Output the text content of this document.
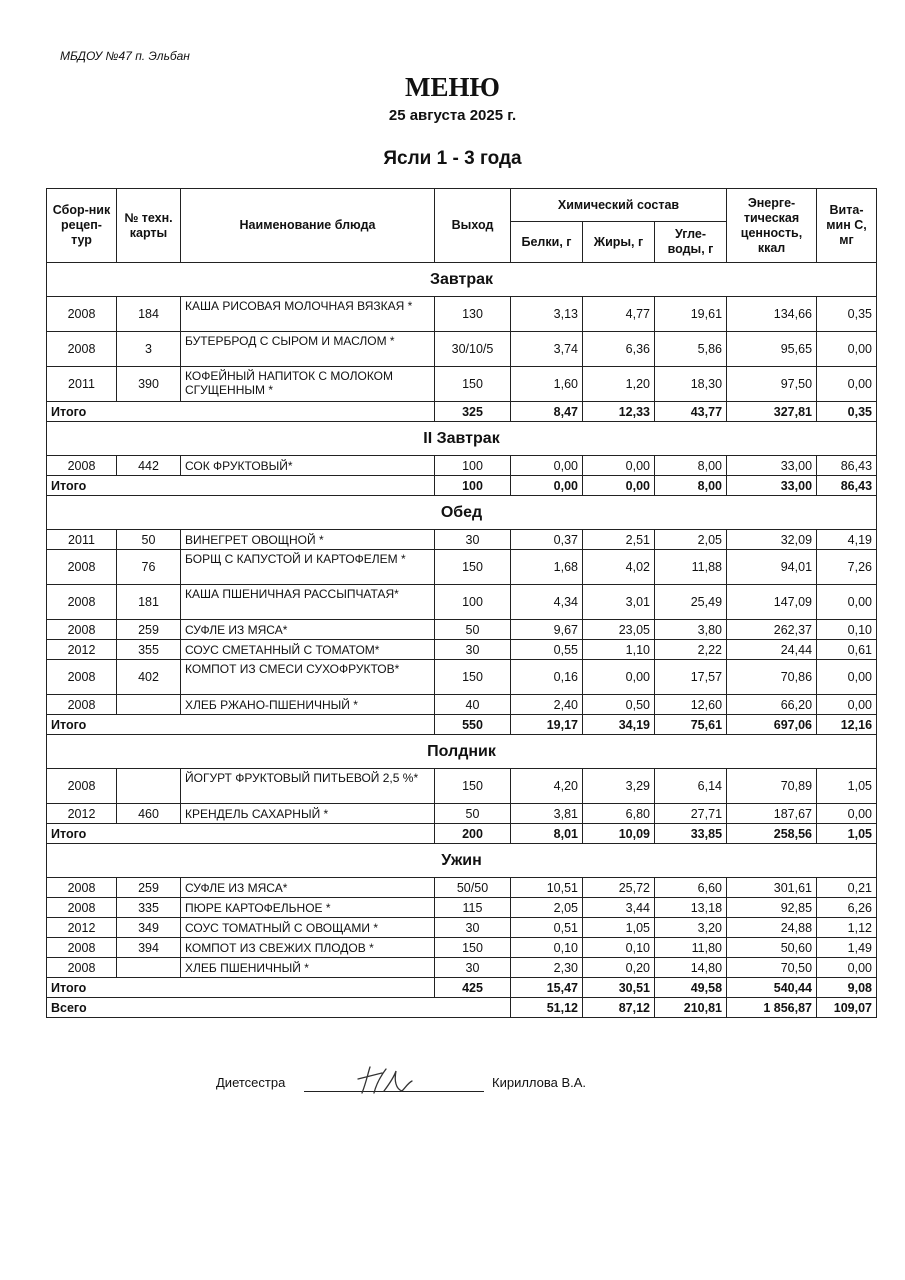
МБДОУ №47 п. Эльбан
МЕНЮ
25 августа 2025 г.
Ясли 1 - 3 года
Сбор-ник рецеп-тур	№ техн. карты	Наименование блюда	Выход	Химический состав			Энерге-тическая ценность, ккал	Вита-мин С, мг
				Белки, г	Жиры, г	Угле-воды, г		
Завтрак								
2008	184	КАША РИСОВАЯ МОЛОЧНАЯ ВЯЗКАЯ *	130	3,13	4,77	19,61	134,66	0,35
2008	3	БУТЕРБРОД С СЫРОМ И МАСЛОМ *	30/10/5	3,74	6,36	5,86	95,65	0,00
2011	390	КОФЕЙНЫЙ НАПИТОК С МОЛОКОМ СГУЩЕННЫМ *	150	1,60	1,20	18,30	97,50	0,00
Итого			325	8,47	12,33	43,77	327,81	0,35
II Завтрак								
2008	442	СОК ФРУКТОВЫЙ*	100	0,00	0,00	8,00	33,00	86,43
Итого			100	0,00	0,00	8,00	33,00	86,43
Обед								
2011	50	ВИНЕГРЕТ ОВОЩНОЙ *	30	0,37	2,51	2,05	32,09	4,19
2008	76	БОРЩ С КАПУСТОЙ И КАРТОФЕЛЕМ *	150	1,68	4,02	11,88	94,01	7,26
2008	181	КАША ПШЕНИЧНАЯ РАССЫПЧАТАЯ*	100	4,34	3,01	25,49	147,09	0,00
2008	259	СУФЛЕ ИЗ МЯСА*	50	9,67	23,05	3,80	262,37	0,10
2012	355	СОУС СМЕТАННЫЙ С ТОМАТОМ*	30	0,55	1,10	2,22	24,44	0,61
2008	402	КОМПОТ ИЗ СМЕСИ СУХОФРУКТОВ*	150	0,16	0,00	17,57	70,86	0,00
2008		ХЛЕБ РЖАНО-ПШЕНИЧНЫЙ *	40	2,40	0,50	12,60	66,20	0,00
Итого			550	19,17	34,19	75,61	697,06	12,16
Полдник								
2008		ЙОГУРТ ФРУКТОВЫЙ ПИТЬЕВОЙ 2,5 %*	150	4,20	3,29	6,14	70,89	1,05
2012	460	КРЕНДЕЛЬ САХАРНЫЙ *	50	3,81	6,80	27,71	187,67	0,00
Итого			200	8,01	10,09	33,85	258,56	1,05
Ужин								
2008	259	СУФЛЕ ИЗ МЯСА*	50/50	10,51	25,72	6,60	301,61	0,21
2008	335	ПЮРЕ КАРТОФЕЛЬНОЕ *	115	2,05	3,44	13,18	92,85	6,26
2012	349	СОУС ТОМАТНЫЙ С ОВОЩАМИ *	30	0,51	1,05	3,20	24,88	1,12
2008	394	КОМПОТ ИЗ СВЕЖИХ ПЛОДОВ *	150	0,10	0,10	11,80	50,60	1,49
2008		ХЛЕБ ПШЕНИЧНЫЙ *	30	2,30	0,20	14,80	70,50	0,00
Итого			425	15,47	30,51	49,58	540,44	9,08
Всего				51,12	87,12	210,81	1 856,87	109,07
Диетсестра	Кириллова В.А.
